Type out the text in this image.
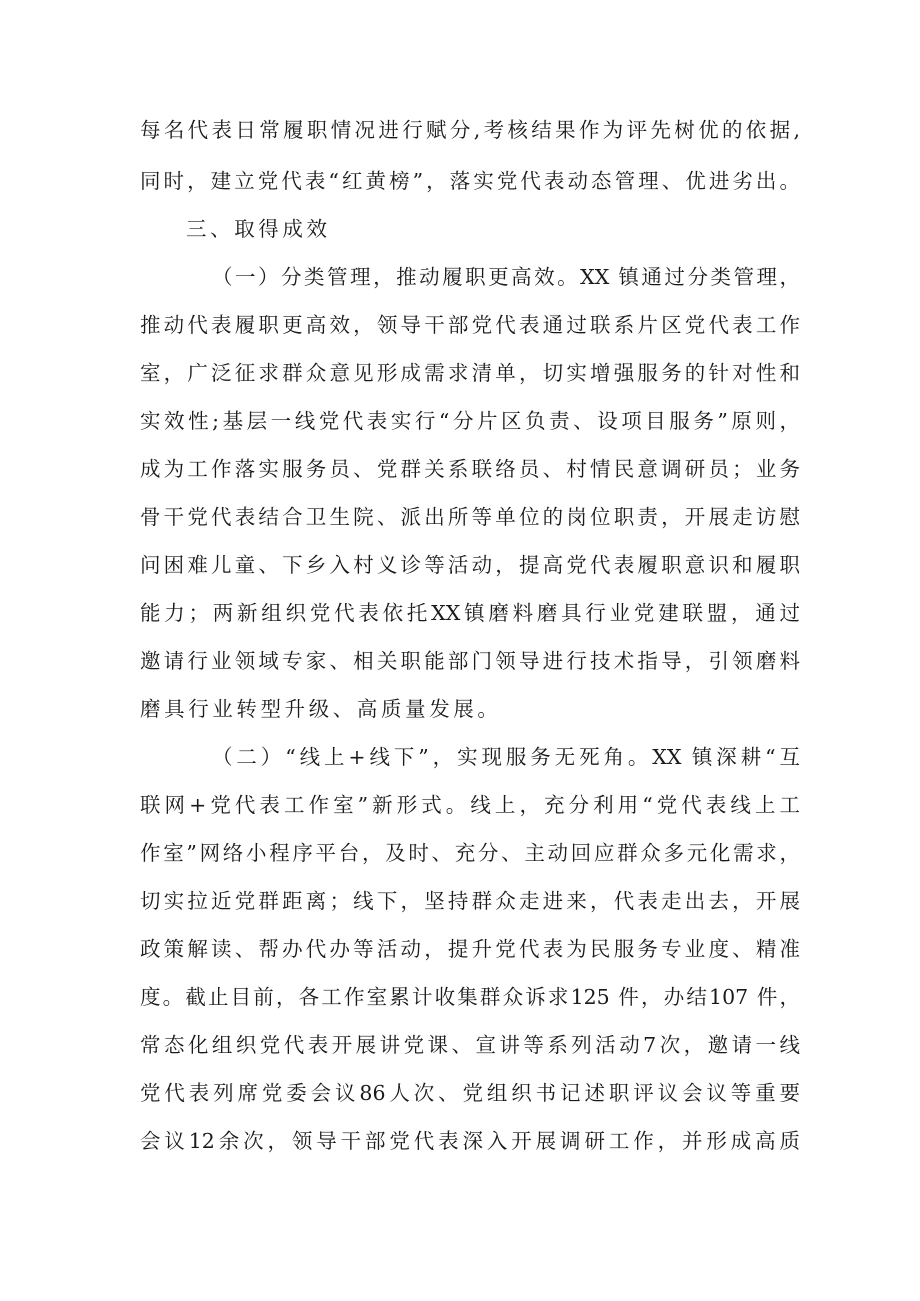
每名代表日常履职情况进行赋分,考核结果作为评先树优的依据,
同时，建立党代表“红黄榜”，落实党代表动态管理、优进劣出。
三、取得成效
（一）分类管理，推动履职更高效。XX 镇通过分类管理，
推动代表履职更高效，领导干部党代表通过联系片区党代表工作
室，广泛征求群众意见形成需求清单，切实增强服务的针对性和
实效性;基层一线党代表实行“分片区负责、设项目服务”原则，
成为工作落实服务员、党群关系联络员、村情民意调研员；业务
骨干党代表结合卫生院、派出所等单位的岗位职责，开展走访慰
问困难儿童、下乡入村义诊等活动，提高党代表履职意识和履职
能力；两新组织党代表依托XX镇磨料磨具行业党建联盟，通过
邀请行业领域专家、相关职能部门领导进行技术指导，引领磨料
磨具行业转型升级、高质量发展。
（二）“线上+线下”，实现服务无死角。XX 镇深耕“互
联网+党代表工作室”新形式。线上，充分利用“党代表线上工
作室”网络小程序平台，及时、充分、主动回应群众多元化需求，
切实拉近党群距离；线下，坚持群众走进来，代表走出去，开展
政策解读、帮办代办等活动，提升党代表为民服务专业度、精准
度。截止目前，各工作室累计收集群众诉求125 件，办结107 件，
常态化组织党代表开展讲党课、宣讲等系列活动7次，邀请一线
党代表列席党委会议86人次、党组织书记述职评议会议等重要
会议12余次，领导干部党代表深入开展调研工作，并形成高质
